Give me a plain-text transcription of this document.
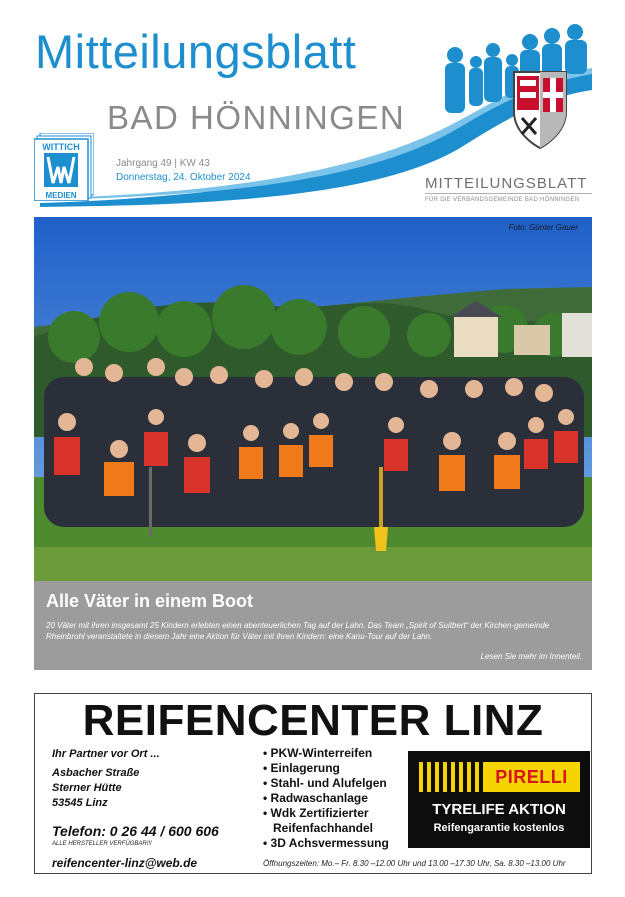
Mitteilungsblatt
BAD HÖNNINGEN
WITTICH
MEDIEN
Jahrgang 49 | KW 43
Donnerstag, 24. Oktober 2024	MITTEILUNGSBLATT
FÜR DIE VERBANDSGEMEINDE BAD HÖNNINGEN
Foto: Günter Gauer
Alle Väter in einem Boot
20 Väter mit ihren insgesamt 25 Kindern erlebten einen abenteuerlichen Tag auf der Lahn. Das Team „Spirit of Suitbert“ der Kirchen-gemeinde Rheinbrohl veranstaltete in diesem Jahr eine Aktion für Väter mit ihren Kindern: eine Kanu-Tour auf der Lahn.
Lesen Sie mehr im Innenteil.
REIFENCENTER LINZ
Ihr Partner vor Ort ...
Asbacher Straße
Sterner Hütte
53545 Linz
Telefon: 0 26 44 / 600 606
ALLE HERSTELLER VERFÜGBAR!!!
reifencenter-linz@web.de
• PKW-Winterreifen
• Einlagerung
• Stahl- und Alufelgen
• Radwaschanlage
• Wdk Zertifizierter
Reifenfachhandel
• 3D Achsvermessung
Öffnungszeiten: Mo.– Fr. 8.30 –12.00 Uhr und 13.00 –17.30 Uhr, Sa. 8.30 –13.00 Uhr
PIRELLI
TYRELIFE AKTION
Reifengarantie kostenlos
